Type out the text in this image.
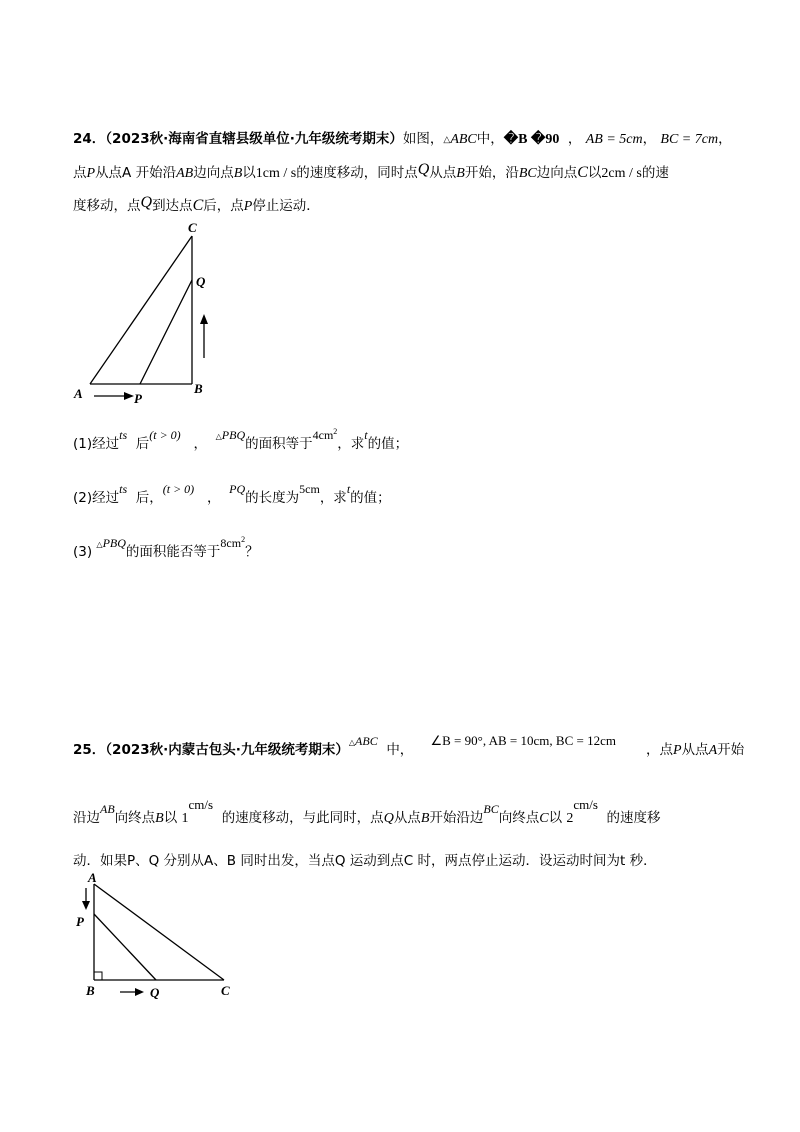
24．（2023秋·海南省直辖县级单位·九年级统考期末）如图，△ABC中，�B �90 ， AB = 5cm， BC = 7cm，
点P从点A 开始沿AB边向点B以1cm / s的速度移动，同时点Q从点B开始，沿BC边向点C以2cm / s的速
度移动，点Q到达点C后，点P停止运动．
C
Q
A	B
P
(1)经过ts  后(t > 0)   ， △PBQ的面积等于$4cm^2$，求t的值；
(2)经过ts  后，(t > 0)   ，  PQ的长度为5cm，求t的值；
(3) △PBQ的面积能否等于$8cm^2$？
25．（2023秋·内蒙古包头·九年级统考期末）△ABC  中，    ∠B = 90°, AB = 10cm, BC = 12cm       ，点P从点A开始
沿边AB向终点B以 1cm/s  的速度移动，与此同时，点Q从点B开始沿边BC向终点C以 2cm/s  的速度移
动．如果P、Q 分别从A、B 同时出发，当点Q 运动到点C 时，两点停止运动．设运动时间为t 秒．
A
P
B	Q	C
